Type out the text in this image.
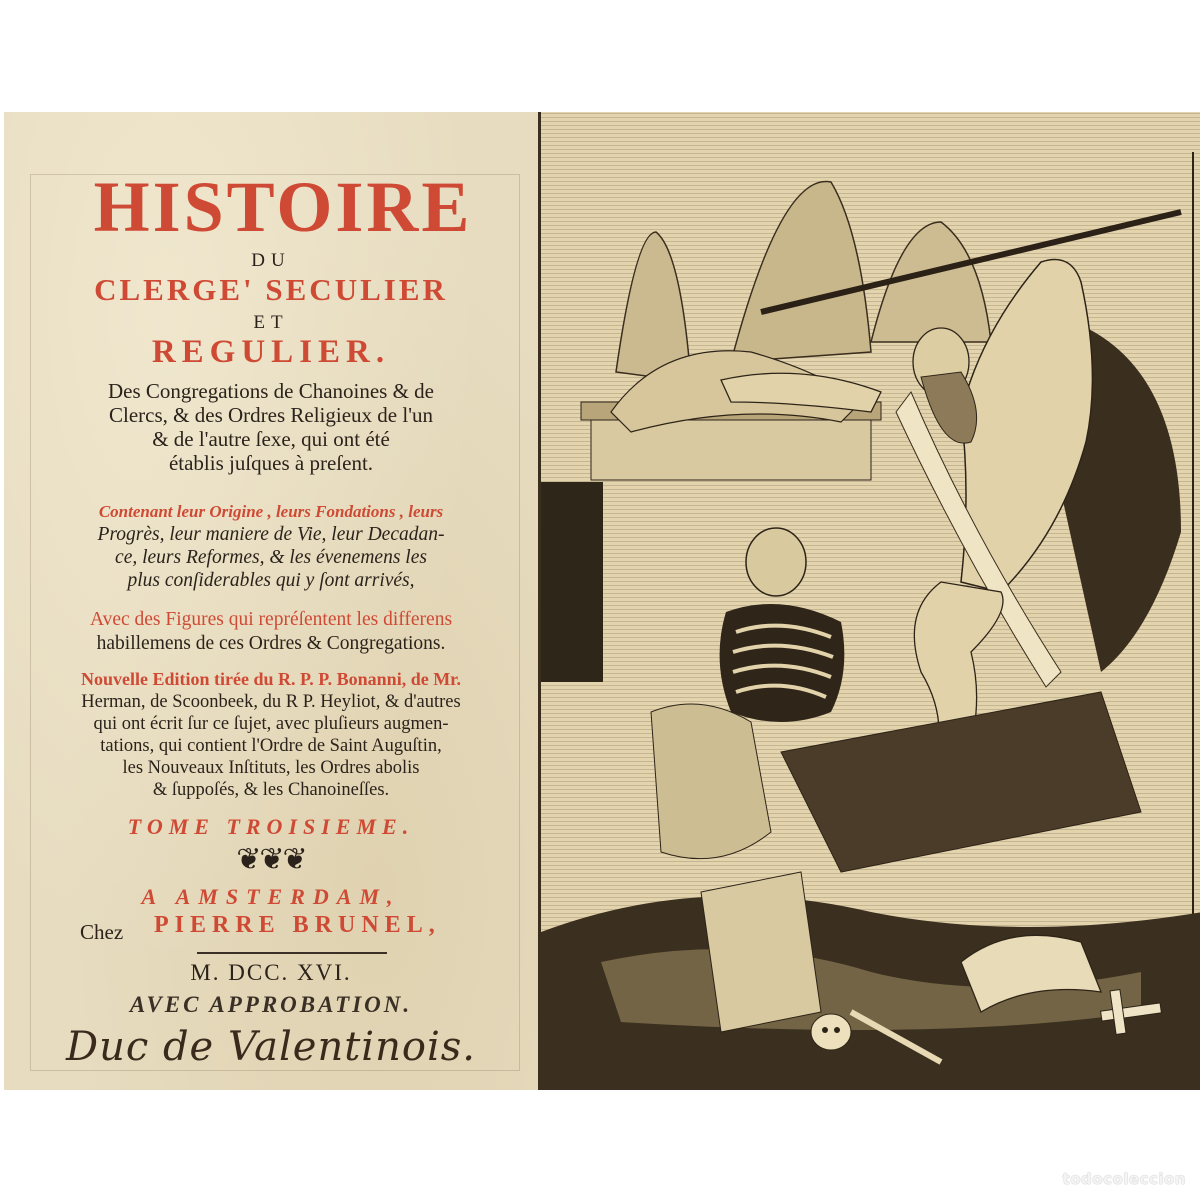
HISTOIRE
DU
CLERGE' SECULIER
ET
REGULIER.
Des Congregations de Chanoines & de
Clercs, & des Ordres Religieux de l'un
& de l'autre ſexe, qui ont été
établis juſques à preſent.
Contenant leur Origine , leurs Fondations , leurs
Progrès, leur maniere de Vie, leur Decadan-
ce, leurs Reformes, & les évenemens les
plus conſiderables qui y ſont arrivés,
Avec des Figures qui repréſentent les differens
habillemens de ces Ordres & Congregations.
Nouvelle Edition tirée du R. P. P. Bonanni, de Mr.
Herman, de Scoonbeek, du R P. Heyliot, & d'autres
qui ont écrit ſur ce ſujet, avec pluſieurs augmen-
tations, qui contient l'Ordre de Saint Auguſtin,
les Nouveaux Inſtituts, les Ordres abolis
& ſuppoſés, & les Chanoineſſes.
TOME TROISIEME.
❦❦❦
A AMSTERDAM,
Chez PIERRE BRUNEL,
M. DCC. XVI.
AVEC APPROBATION.
Duc de Valentinois.
todocoleccion
